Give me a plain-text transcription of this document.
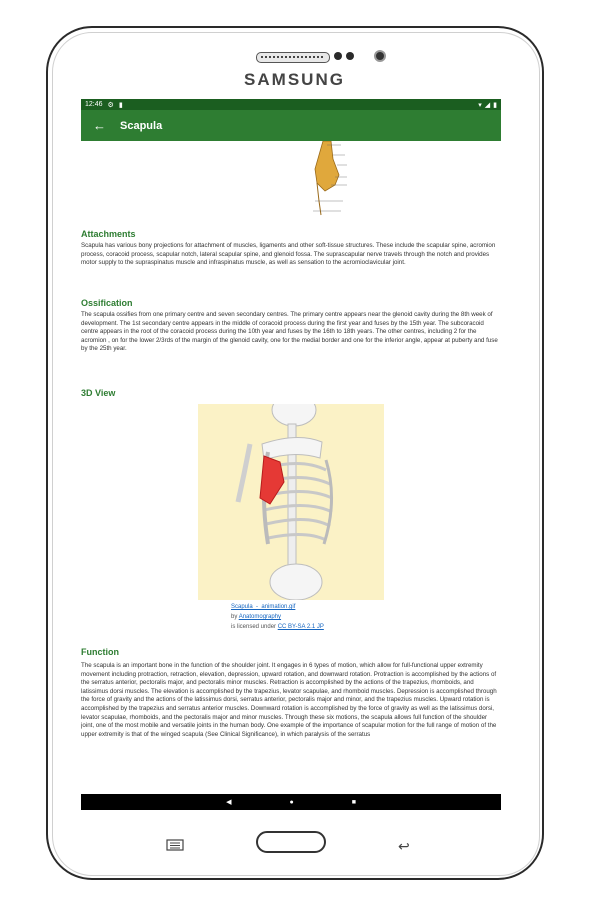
SAMSUNG
12:46 ⚙ ▮	▾ ◢ ▮
← Scapula
Attachments
Scapula has various bony projections for attachment of muscles, ligaments and other soft-tissue structures. These include the scapular spine, acromion process, coracoid process, scapular notch, lateral scapular spine, and glenoid fossa. The suprascapular nerve travels through the notch and provides motor supply to the supraspinatus muscle and infraspinatus muscle, as well as sensation to the acromioclavicular joint.
Ossification
The scapula ossifies from one primary centre and seven secondary centres. The primary centre appears near the glenoid cavity during the 8th week of development. The 1st secondary centre appears in the middle of coracoid process during the first year and fuses by the 15th year. The subcoracoid centre appears in the root of the coracoid process during the 10th year and fuses by the 16th to 18th years. The other centres, including 2 for the acromion , on for the lower 2/3rds of the margin of the glenoid cavity, one for the medial border and one for the inferior angle, appear at puberty and fuse by the 25th year.
3D View
Scapula_-_animation.gif
by Anatomography
is licensed under CC BY-SA 2.1 JP
Function
The scapula is an important bone in the function of the shoulder joint. It engages in 6 types of motion, which allow for full-functional upper extremity movement including protraction, retraction, elevation, depression, upward rotation, and downward rotation. Protraction is accomplished by the actions of the serratus anterior, pectoralis major, and pectoralis minor muscles. Retraction is accomplished by the actions of the trapezius, rhomboids, and latissimus dorsi muscles. The elevation is accomplished by the trapezius, levator scapulae, and rhomboid muscles. Depression is accomplished through the force of gravity and the actions of the latissimus dorsi, serratus anterior, pectoralis major and minor, and the trapezius muscles. Upward rotation is accomplished by the trapezius and serratus anterior muscles. Downward rotation is accomplished by the force of gravity as well as the latissimus dorsi, levator scapulae, rhomboids, and the pectoralis major and minor muscles. Through these six motions, the scapula allows full function of the shoulder joint, one of the most mobile and versatile joints in the human body. One example of the importance of scapular motion for the full range of motion of the upper extremity is that of the winged scapula (See Clinical Significance), in which paralysis of the serratus
◀	●	■
↩
